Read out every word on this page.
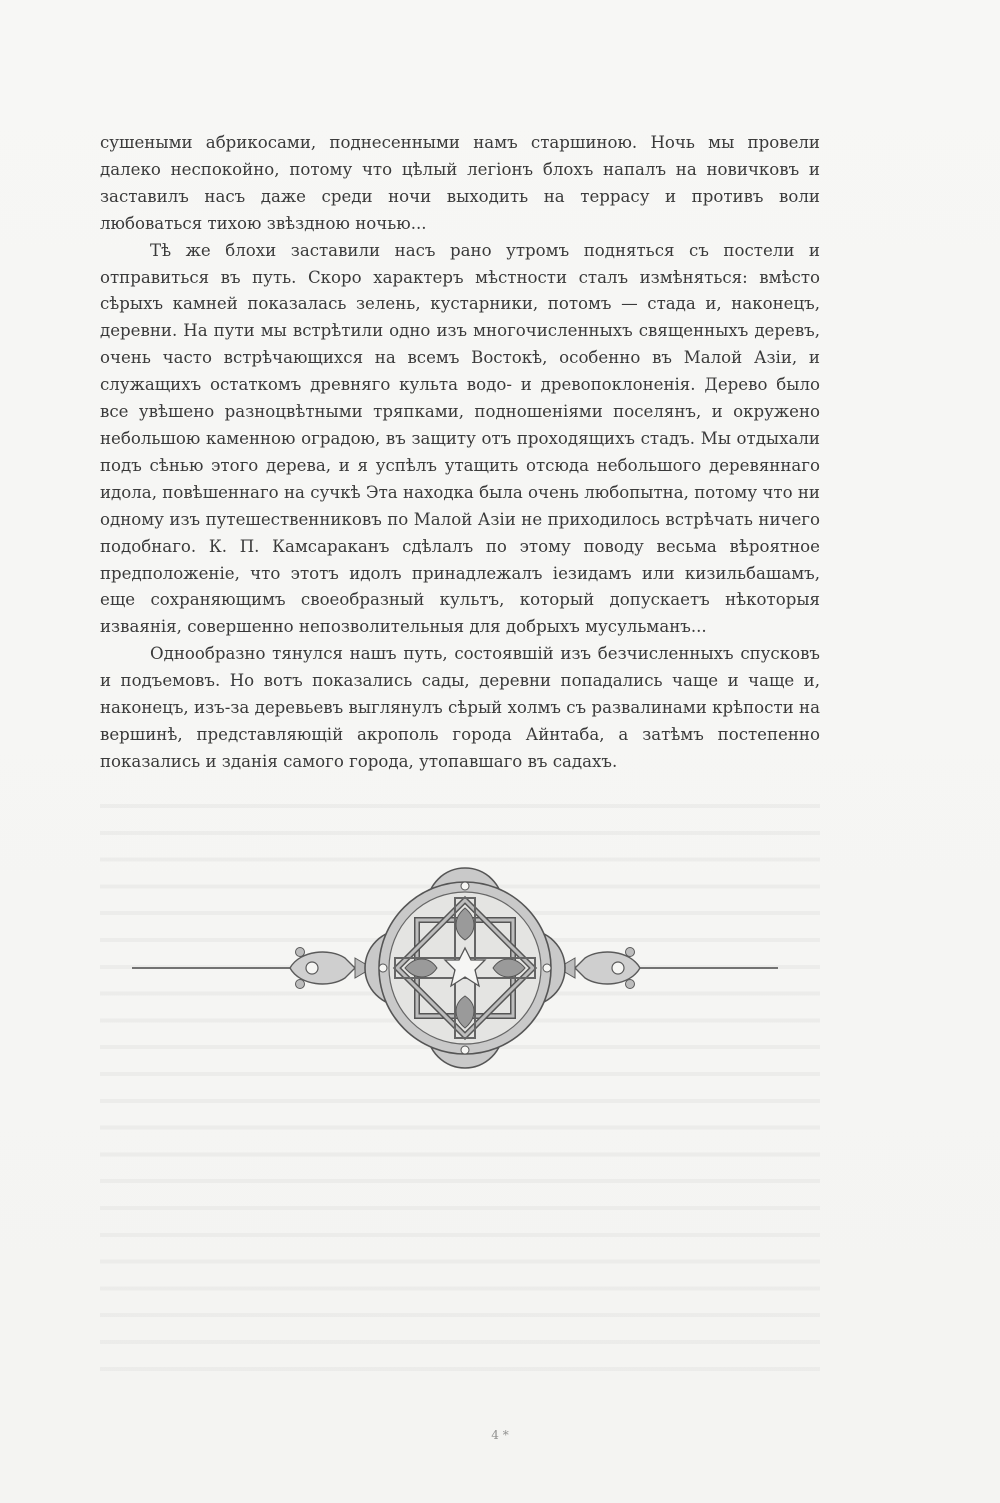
сушеными абрикосами, поднесенными намъ старшиною. Ночь мы провели далеко неспокойно, потому что цѣлый легіонъ блохъ напалъ на новичковъ и заставилъ насъ даже среди ночи выходить на террасу и противъ воли любоваться тихою звѣздною ночью...

Тѣ же блохи заставили насъ рано утромъ подняться съ постели и отправиться въ путь. Скоро характеръ мѣстности сталъ измѣняться: вмѣсто сѣрыхъ камней показалась зелень, кустарники, потомъ — стада и, наконецъ, деревни. На пути мы встрѣтили одно изъ многочисленныхъ священныхъ деревъ, очень часто встрѣчающихся на всемъ Востокѣ, особенно въ Малой Азіи, и служащихъ остаткомъ древняго культа водо- и древопоклоненія. Дерево было все увѣшено разноцвѣтными тряпками, подношеніями поселянъ, и окружено небольшою каменною оградою, въ защиту отъ проходящихъ стадъ. Мы отдыхали подъ сѣнью этого дерева, и я успѣлъ утащить отсюда небольшого деревяннаго идола, повѣшеннаго на сучкѣ Эта находка была очень любопытна, потому что ни одному изъ путешественниковъ по Малой Азіи не приходилось встрѣчать ничего подобнаго. К. П. Камсараканъ сдѣлалъ по этому поводу весьма вѣроятное предположеніе, что этотъ идолъ принадлежалъ іезидамъ или кизильбашамъ, еще сохраняющимъ своеобразный культъ, который допускаетъ нѣкоторыя изваянія, совершенно непозволительныя для добрыхъ мусульманъ...

Однообразно тянулся нашъ путь, состоявшій изъ безчисленныхъ спусковъ и подъемовъ. Но вотъ показались сады, деревни попадались чаще и чаще и, наконецъ, изъ-за деревьевъ выглянулъ сѣрый холмъ съ развалинами крѣпости на вершинѣ, представляющій акрополь города Айнтаба, а затѣмъ постепенно показались и зданія самого города, утопавшаго въ садахъ.

4 *
